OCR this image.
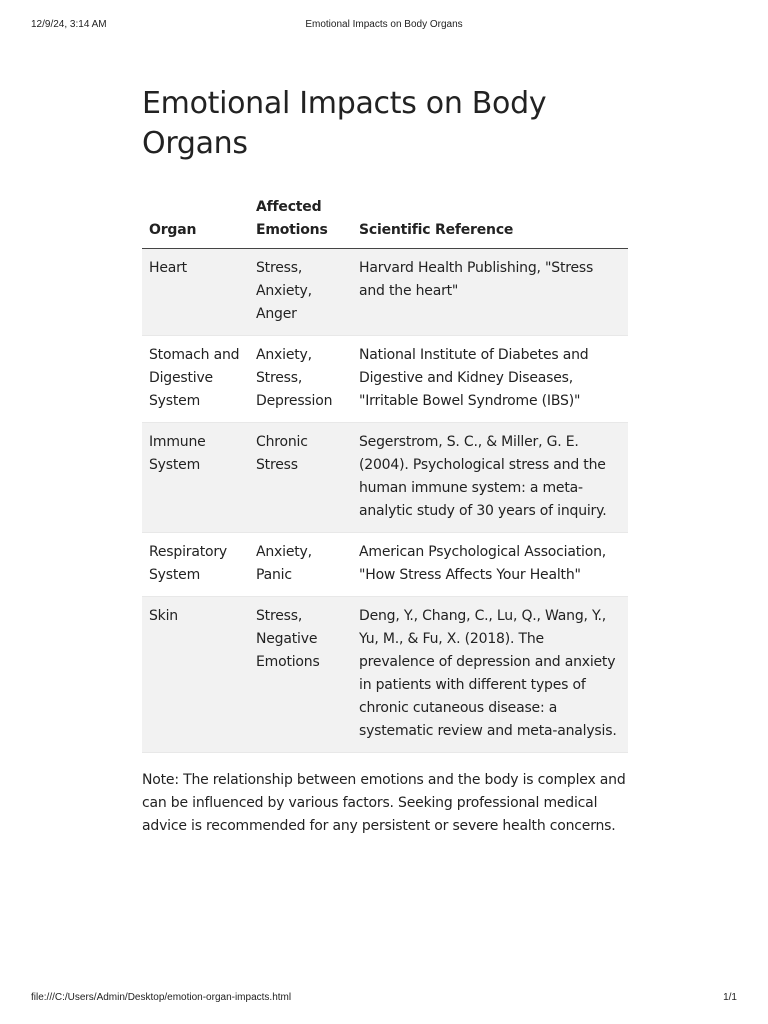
12/9/24, 3:14 AM	Emotional Impacts on Body Organs
Emotional Impacts on Body Organs
Organ	Affected Emotions	Scientific Reference
Heart	Stress, Anxiety, Anger	Harvard Health Publishing, "Stress and the heart"
Stomach and Digestive System	Anxiety, Stress, Depression	National Institute of Diabetes and Digestive and Kidney Diseases, "Irritable Bowel Syndrome (IBS)"
Immune System	Chronic Stress	Segerstrom, S. C., & Miller, G. E. (2004). Psychological stress and the human immune system: a meta-analytic study of 30 years of inquiry.
Respiratory System	Anxiety, Panic	American Psychological Association, "How Stress Affects Your Health"
Skin	Stress, Negative Emotions	Deng, Y., Chang, C., Lu, Q., Wang, Y., Yu, M., & Fu, X. (2018). The prevalence of depression and anxiety in patients with different types of chronic cutaneous disease: a systematic review and meta-analysis.

Note: The relationship between emotions and the body is complex and can be influenced by various factors. Seeking professional medical advice is recommended for any persistent or severe health concerns.

file:///C:/Users/Admin/Desktop/emotion-organ-impacts.html	1/1
